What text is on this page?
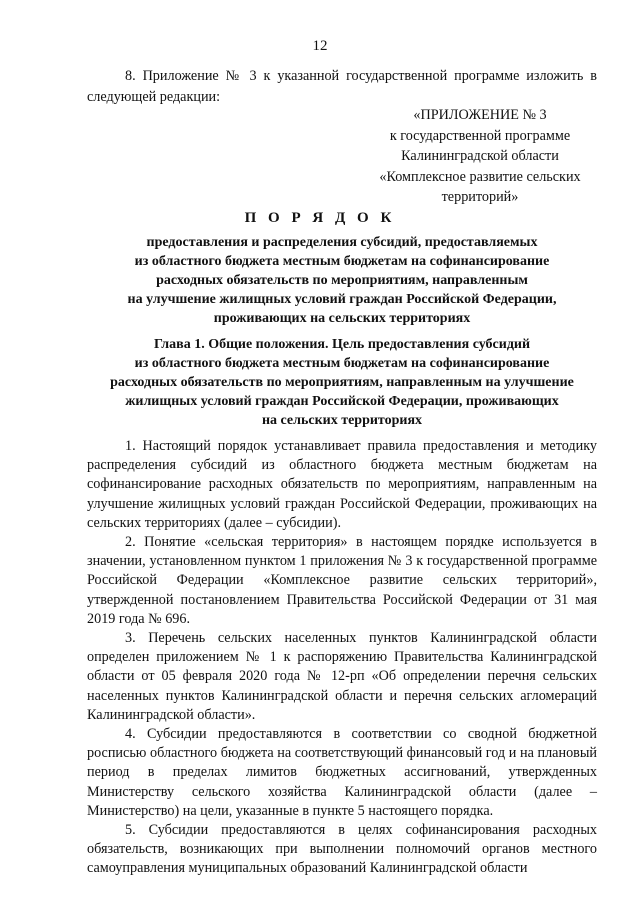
12
8. Приложение № 3 к указанной государственной программе изложить в следующей редакции:
«ПРИЛОЖЕНИЕ № 3
к государственной программе
Калининградской области
«Комплексное развитие сельских
территорий»
П О Р Я Д О К
предоставления и распределения субсидий, предоставляемых
из областного бюджета местным бюджетам на софинансирование
расходных обязательств по мероприятиям, направленным
на улучшение жилищных условий граждан Российской Федерации,
проживающих на сельских территориях
Глава 1. Общие положения. Цель предоставления субсидий
из областного бюджета местным бюджетам на софинансирование
расходных обязательств по мероприятиям, направленным на улучшение
жилищных условий граждан Российской Федерации, проживающих
на сельских территориях

1. Настоящий порядок устанавливает правила предоставления и методику распределения субсидий из областного бюджета местным бюджетам на софинансирование расходных обязательств по мероприятиям, направленным на улучшение жилищных условий граждан Российской Федерации, проживающих на сельских территориях (далее – субсидии).

2. Понятие «сельская территория» в настоящем порядке используется в значении, установленном пунктом 1 приложения № 3 к государственной программе Российской Федерации «Комплексное развитие сельских территорий», утвержденной постановлением Правительства Российской Федерации от 31 мая 2019 года № 696.

3. Перечень сельских населенных пунктов Калининградской области определен приложением № 1 к распоряжению Правительства Калининградской области от 05 февраля 2020 года № 12-рп «Об определении перечня сельских населенных пунктов Калининградской области и перечня сельских агломераций Калининградской области».

4. Субсидии предоставляются в соответствии со сводной бюджетной росписью областного бюджета на соответствующий финансовый год и на плановый период в пределах лимитов бюджетных ассигнований, утвержденных Министерству сельского хозяйства Калининградской области (далее – Министерство) на цели, указанные в пункте 5 настоящего порядка.

5. Субсидии предоставляются в целях софинансирования расходных обязательств, возникающих при выполнении полномочий органов местного самоуправления муниципальных образований Калининградской области
